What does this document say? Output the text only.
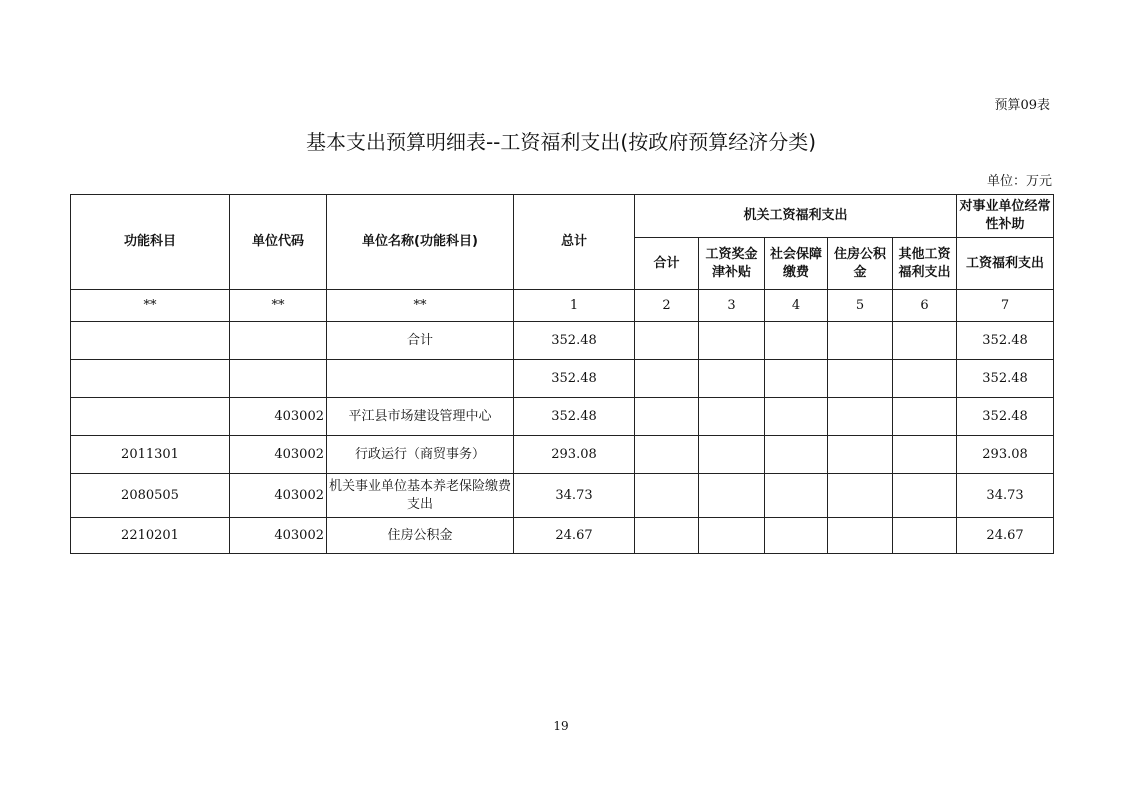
预算09表
基本支出预算明细表--工资福利支出(按政府预算经济分类)
单位：万元
功能科目	单位代码	单位名称(功能科目)	总计	机关工资福利支出					对事业单位经常性补助
				合计	工资奖金津补贴	社会保障缴费	住房公积金	其他工资福利支出	工资福利支出
**	**	**	1	2	3	4	5	6	7
		合计	352.48						352.48
			352.48						352.48
	403002	平江县市场建设管理中心	352.48						352.48
2011301	403002	行政运行（商贸事务）	293.08						293.08
2080505	403002	机关事业单位基本养老保险缴费支出	34.73						34.73
2210201	403002	住房公积金	24.67						24.67
19
